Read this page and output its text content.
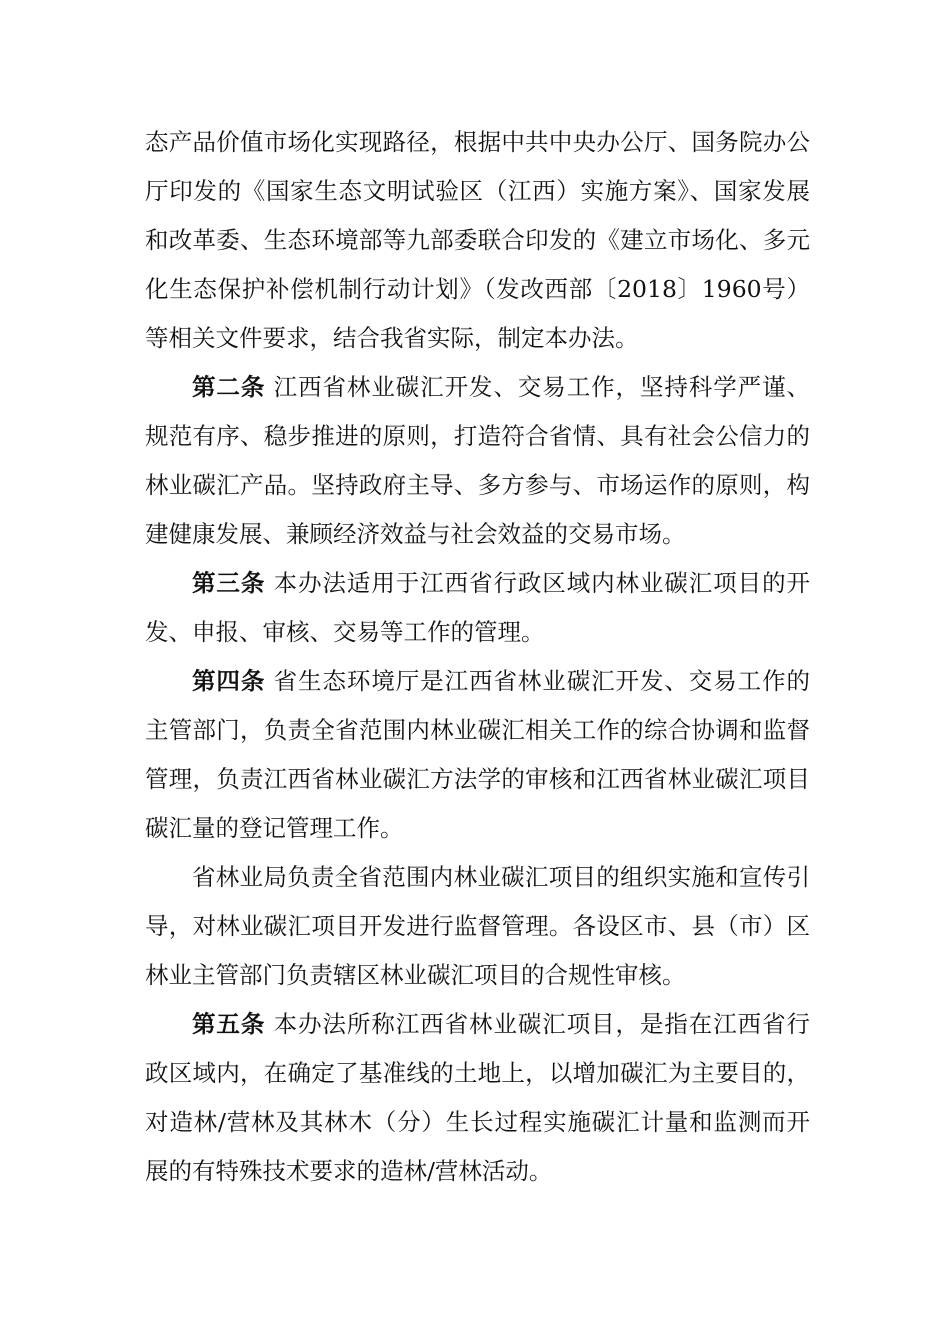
态产品价值市场化实现路径，根据中共中央办公厅、国务院办公厅印发的《国家生态文明试验区（江西）实施方案》、国家发展和改革委、生态环境部等九部委联合印发的《建立市场化、多元化生态保护补偿机制行动计划》（发改西部〔2018〕1960号）等相关文件要求，结合我省实际，制定本办法。

第二条 江西省林业碳汇开发、交易工作，坚持科学严谨、规范有序、稳步推进的原则，打造符合省情、具有社会公信力的林业碳汇产品。坚持政府主导、多方参与、市场运作的原则，构建健康发展、兼顾经济效益与社会效益的交易市场。

第三条 本办法适用于江西省行政区域内林业碳汇项目的开发、申报、审核、交易等工作的管理。

第四条 省生态环境厅是江西省林业碳汇开发、交易工作的主管部门，负责全省范围内林业碳汇相关工作的综合协调和监督管理，负责江西省林业碳汇方法学的审核和江西省林业碳汇项目碳汇量的登记管理工作。

省林业局负责全省范围内林业碳汇项目的组织实施和宣传引导，对林业碳汇项目开发进行监督管理。各设区市、县（市）区林业主管部门负责辖区林业碳汇项目的合规性审核。

第五条 本办法所称江西省林业碳汇项目，是指在江西省行政区域内，在确定了基准线的土地上，以增加碳汇为主要目的，对造林/营林及其林木（分）生长过程实施碳汇计量和监测而开展的有特殊技术要求的造林/营林活动。
